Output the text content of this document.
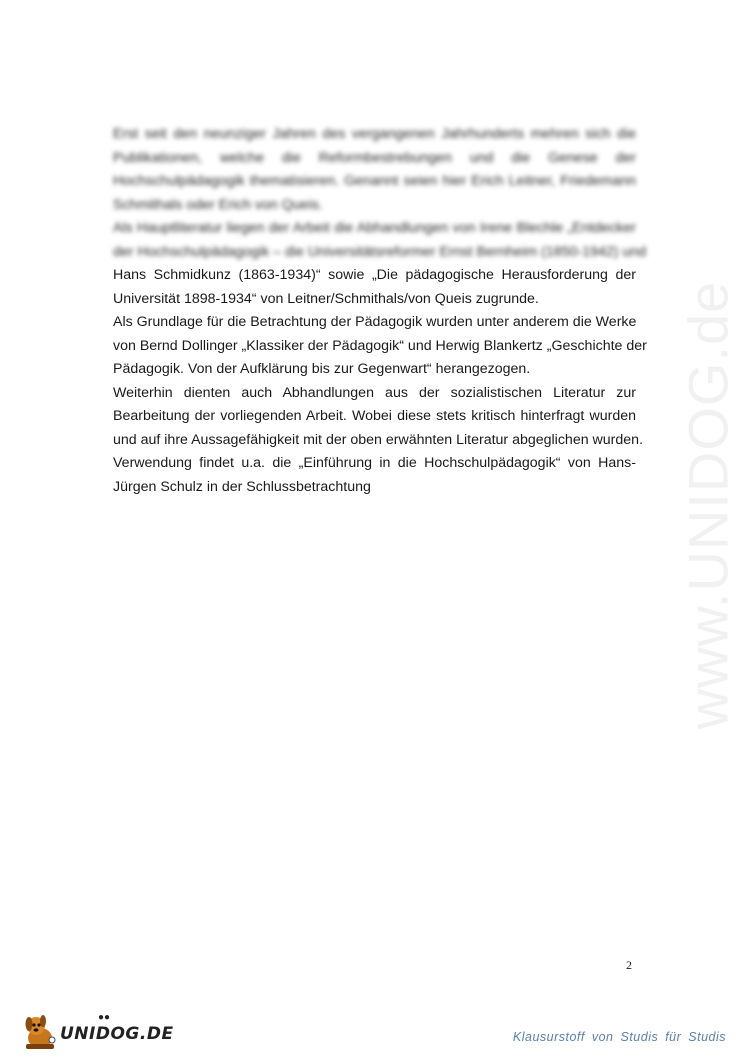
www.UNIDOG.de
Erst seit den neunziger Jahren des vergangenen Jahrhunderts mehren sich die
Publikationen, welche die Reformbestrebungen und die Genese der
Hochschulpädagogik thematisieren. Genannt seien hier Erich Leitner, Friedemann
Schmithals oder Erich von Queis.
Als Hauptliteratur liegen der Arbeit die Abhandlungen von Irene Blechle „Entdecker
der Hochschulpädagogik – die Universitätsreformer Ernst Bernheim (1850-1942) und
Hans Schmidkunz (1863-1934)“ sowie „Die pädagogische Herausforderung der
Universität 1898-1934“ von Leitner/Schmithals/von Queis zugrunde.
Als Grundlage für die Betrachtung der Pädagogik wurden unter anderem die Werke
von Bernd Dollinger „Klassiker der Pädagogik“ und Herwig Blankertz „Geschichte der
Pädagogik. Von der Aufklärung bis zur Gegenwart“ herangezogen.
Weiterhin dienten auch Abhandlungen aus der sozialistischen Literatur zur
Bearbeitung der vorliegenden Arbeit. Wobei diese stets kritisch hinterfragt wurden
und auf ihre Aussagefähigkeit mit der oben erwähnten Literatur abgeglichen wurden.
Verwendung findet u.a. die „Einführung in die Hochschulpädagogik“ von Hans-
Jürgen Schulz in der Schlussbetrachtung
2
●●
UNIDOG.DE	Klausurstoff von Studis für Studis
